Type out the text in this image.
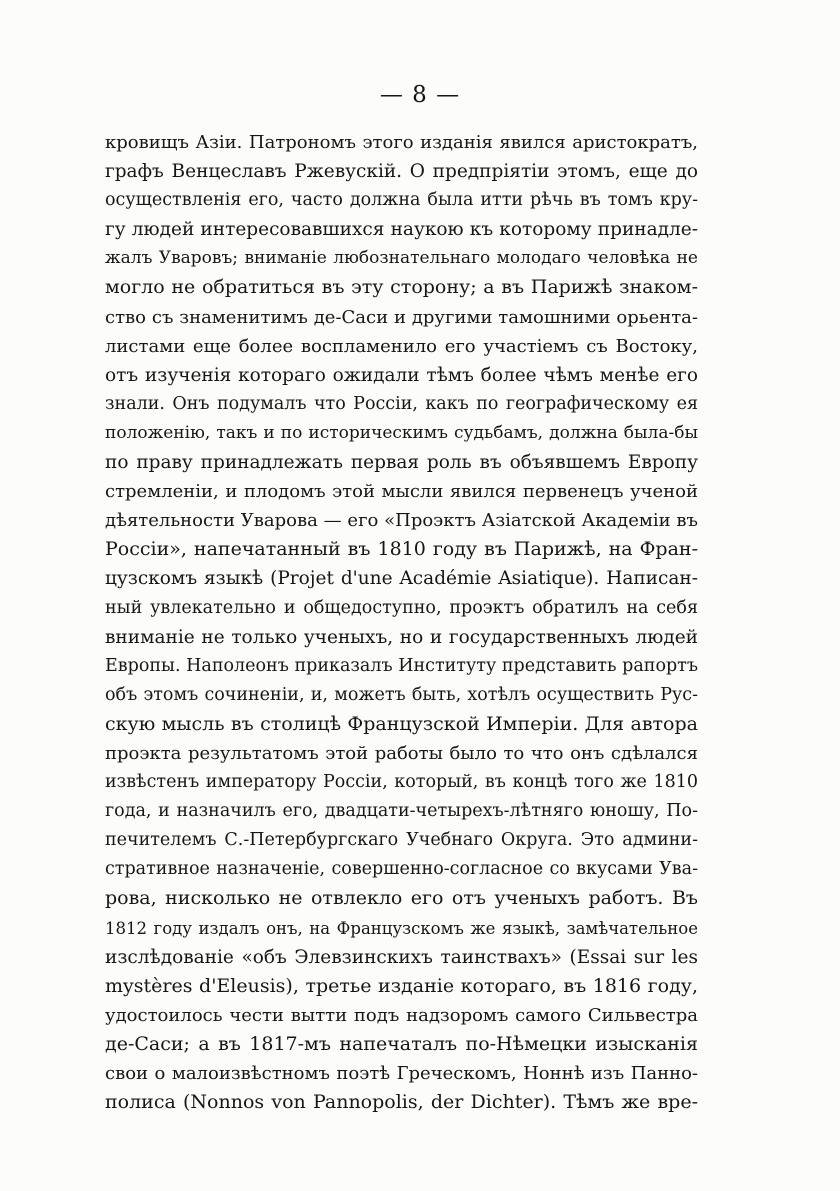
— 8 —
кровищъ Азіи. Патрономъ этого изданія явился аристократъ,
графъ Венцеславъ Ржевускій. О предпріятіи этомъ, еще до
осуществленія его, часто должна была итти рѣчь въ томъ кру-
гу людей интересовавшихся наукою къ которому принадле-
жалъ Уваровъ; вниманіе любознательнаго молодаго человѣка не
могло не обратиться въ эту сторону; а въ Парижѣ знаком-
ство съ знаменитимъ де-Саси и другими тамошними орьента-
листами еще более воспламенило его участіемъ съ Востоку,
отъ изученія котораго ожидали тѣмъ более чѣмъ менѣе его
знали. Онъ подумалъ что Россіи, какъ по географическому ея
положенію, такъ и по историческимъ судьбамъ, должна была-бы
по праву принадлежать первая роль въ объявшемъ Европу
стремленіи, и плодомъ этой мысли явился первенецъ ученой
дѣятельности Уварова — его «Проэктъ Азіатской Академіи въ
Россіи», напечатанный въ 1810 году въ Парижѣ, на Фран-
цузскомъ языкѣ (Projet d'une Académie Asiatique). Написан-
ный увлекательно и общедоступно, проэктъ обратилъ на себя
вниманіе не только ученыхъ, но и государственныхъ людей
Европы. Наполеонъ приказалъ Институту представить рапортъ
объ этомъ сочиненіи, и, можетъ быть, хотѣлъ осуществить Рус-
скую мысль въ столицѣ Французской Имперіи. Для автора
проэкта результатомъ этой работы было то что онъ сдѣлался
извѣстенъ императору Россіи, который, въ концѣ того же 1810
года, и назначилъ его, двадцати-четырехъ-лѣтняго юношу, По-
печителемъ С.-Петербургскаго Учебнаго Округа. Это админи-
стративное назначеніе, совершенно-согласное со вкусами Ува-
рова, нисколько не отвлекло его отъ ученыхъ работъ. Въ
1812 году издалъ онъ, на Французскомъ же языкѣ, замѣчательное
изслѣдованіе «объ Элевзинскихъ таинствахъ» (Essai sur les
mystères d'Eleusis), третье изданіе котораго, въ 1816 году,
удостоилось чести вытти подъ надзоромъ самого Сильвестра
де-Саси; а въ 1817-мъ напечаталъ по-Нѣмецки изысканія
свои о малоизвѣстномъ поэтѣ Греческомъ, Ноннѣ изъ Панно-
полиса (Nonnos von Pannopolis, der Dichter). Тѣмъ же вре-
